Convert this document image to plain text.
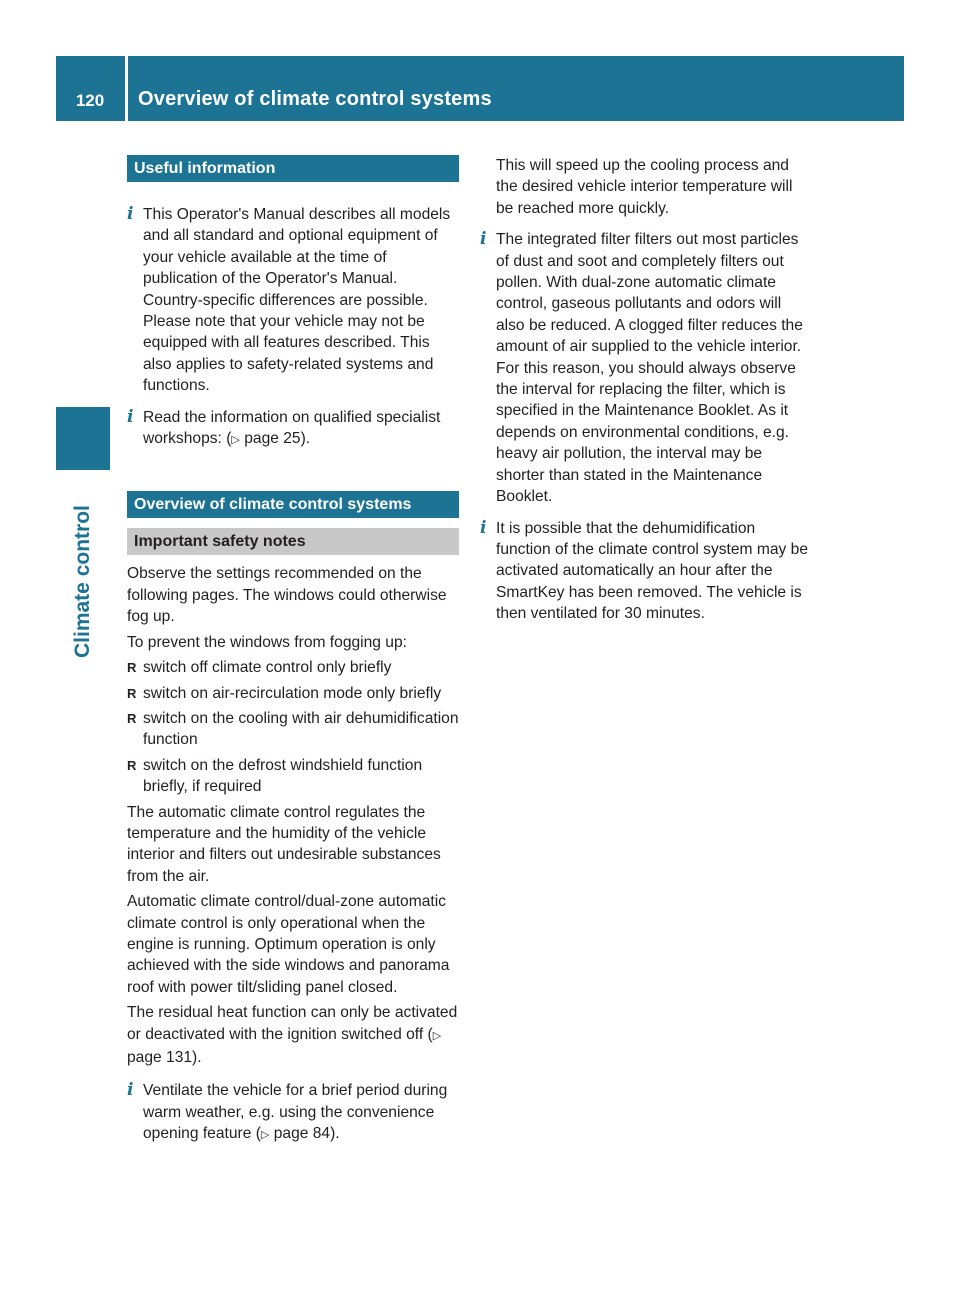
120	Overview of climate control systems
Climate control
Useful information
i This Operator's Manual describes all models and all standard and optional equipment of your vehicle available at the time of publication of the Operator's Manual. Country-specific differences are possible. Please note that your vehicle may not be equipped with all features described. This also applies to safety-related systems and functions.
i Read the information on qualified specialist workshops: (▷ page 25).
Overview of climate control systems
Important safety notes

Observe the settings recommended on the following pages. The windows could otherwise fog up.

To prevent the windows from fogging up:

R switch off climate control only briefly
R switch on air-recirculation mode only briefly
R switch on the cooling with air dehumidification function
R switch on the defrost windshield function briefly, if required

The automatic climate control regulates the temperature and the humidity of the vehicle interior and filters out undesirable substances from the air.

Automatic climate control/dual-zone automatic climate control is only operational when the engine is running. Optimum operation is only achieved with the side windows and panorama roof with power tilt/sliding panel closed.

The residual heat function can only be activated or deactivated with the ignition switched off (▷ page 131).

i Ventilate the vehicle for a brief period during warm weather, e.g. using the convenience opening feature (▷ page 84).

This will speed up the cooling process and the desired vehicle interior temperature will be reached more quickly.

i The integrated filter filters out most particles of dust and soot and completely filters out pollen. With dual-zone automatic climate control, gaseous pollutants and odors will also be reduced. A clogged filter reduces the amount of air supplied to the vehicle interior. For this reason, you should always observe the interval for replacing the filter, which is specified in the Maintenance Booklet. As it depends on environmental conditions, e.g. heavy air pollution, the interval may be shorter than stated in the Maintenance Booklet.
i It is possible that the dehumidification function of the climate control system may be activated automatically an hour after the SmartKey has been removed. The vehicle is then ventilated for 30 minutes.
